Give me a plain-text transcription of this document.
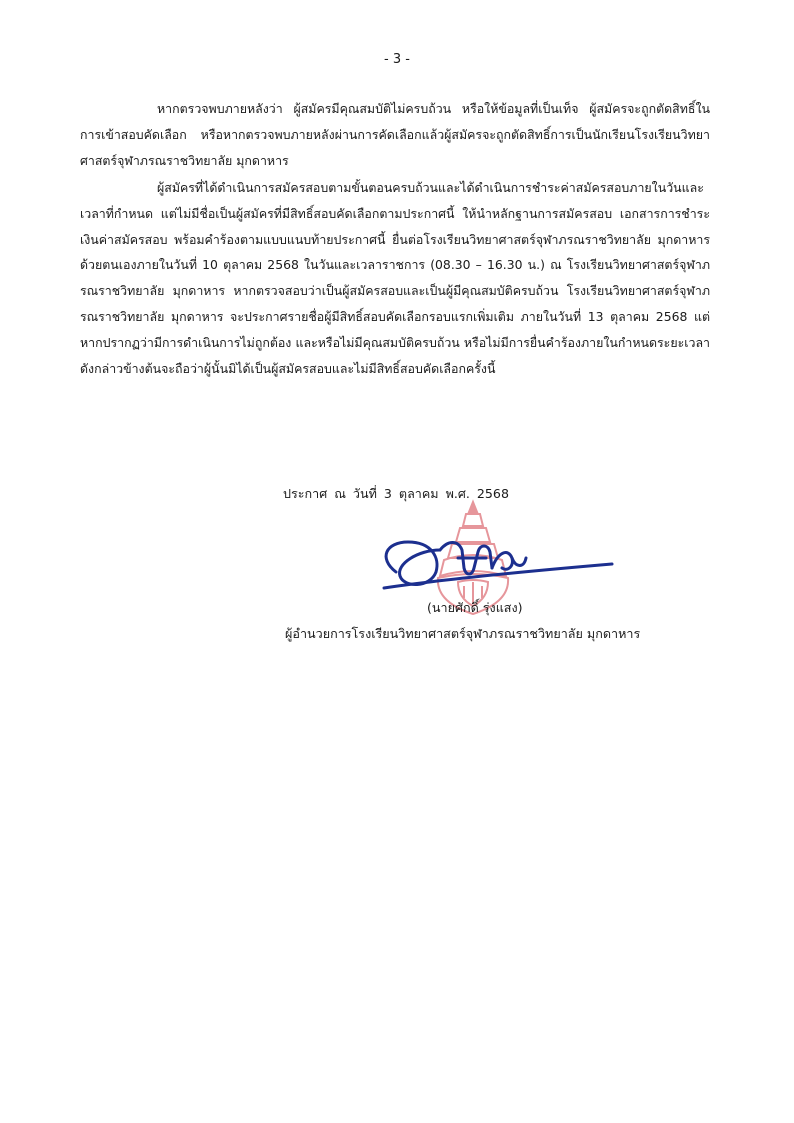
- 3 -

หากตรวจพบภายหลังว่า ผู้สมัครมีคุณสมบัติไม่ครบถ้วน หรือให้ข้อมูลที่เป็นเท็จ ผู้สมัครจะถูกตัดสิทธิ์ในการเข้าสอบคัดเลือก หรือหากตรวจพบภายหลังผ่านการคัดเลือกแล้วผู้สมัครจะถูกตัดสิทธิ์การเป็นนักเรียนโรงเรียนวิทยาศาสตร์จุฬาภรณราชวิทยาลัย มุกดาหาร

ผู้สมัครที่ได้ดำเนินการสมัครสอบตามขั้นตอนครบถ้วนและได้ดำเนินการชำระค่าสมัครสอบภายในวันและเวลาที่กำหนด แต่ไม่มีชื่อเป็นผู้สมัครที่มีสิทธิ์สอบคัดเลือกตามประกาศนี้ ให้นำหลักฐานการสมัครสอบ เอกสารการชำระเงินค่าสมัครสอบ พร้อมคำร้องตามแบบแนบท้ายประกาศนี้ ยื่นต่อโรงเรียนวิทยาศาสตร์จุฬาภรณราชวิทยาลัย มุกดาหาร ด้วยตนเองภายในวันที่ 10 ตุลาคม 2568 ในวันและเวลาราชการ (08.30 – 16.30 น.) ณ โรงเรียนวิทยาศาสตร์จุฬาภรณราชวิทยาลัย มุกดาหาร หากตรวจสอบว่าเป็นผู้สมัครสอบและเป็นผู้มีคุณสมบัติครบถ้วน โรงเรียนวิทยาศาสตร์จุฬาภรณราชวิทยาลัย มุกดาหาร จะประกาศรายชื่อผู้มีสิทธิ์สอบคัดเลือกรอบแรกเพิ่มเติม ภายในวันที่ 13 ตุลาคม 2568 แต่หากปรากฏว่ามีการดำเนินการไม่ถูกต้อง และหรือไม่มีคุณสมบัติครบถ้วน หรือไม่มีการยื่นคำร้องภายในกำหนดระยะเวลาดังกล่าวข้างต้นจะถือว่าผู้นั้นมิได้เป็นผู้สมัครสอบและไม่มีสิทธิ์สอบคัดเลือกครั้งนี้

ประกาศ ณ วันที่ 3 ตุลาคม พ.ศ. 2568
(นายศักดิ์ รุ่งแสง)
ผู้อำนวยการโรงเรียนวิทยาศาสตร์จุฬาภรณราชวิทยาลัย มุกดาหาร
